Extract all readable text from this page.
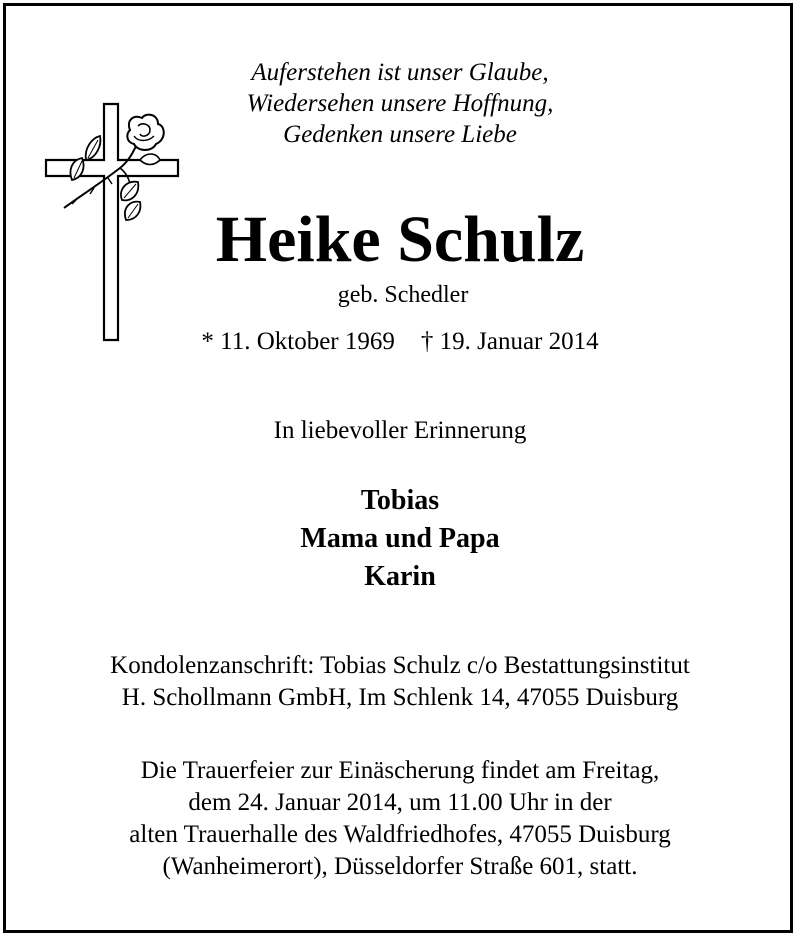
Auferstehen ist unser Glaube,
Wiedersehen unsere Hoffnung,
Gedenken unsere Liebe
Heike Schulz
geb. Schedler
* 11. Oktober 1969 † 19. Januar 2014
In liebevoller Erinnerung
Tobias
Mama und Papa
Karin
Kondolenzanschrift: Tobias Schulz c/o Bestattungsinstitut
H. Schollmann GmbH, Im Schlenk 14, 47055 Duisburg
Die Trauerfeier zur Einäscherung findet am Freitag,
dem 24. Januar 2014, um 11.00 Uhr in der
alten Trauerhalle des Waldfriedhofes, 47055 Duisburg
(Wanheimerort), Düsseldorfer Straße 601, statt.
